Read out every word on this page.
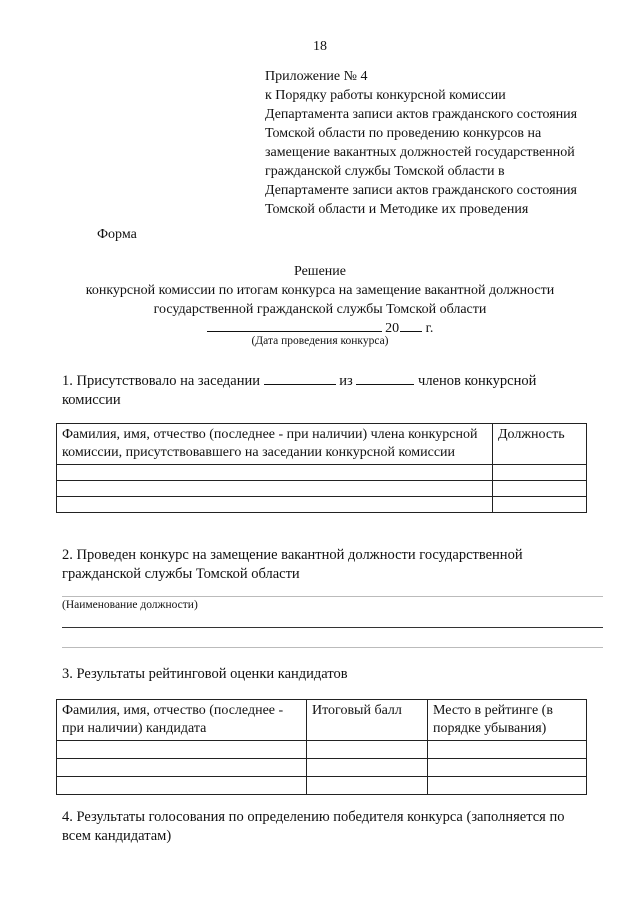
18
Приложение № 4
к Порядку работы конкурсной комиссии
Департамента записи актов гражданского состояния
Томской области по проведению конкурсов на
замещение вакантных должностей государственной
гражданской службы Томской области в
Департаменте записи актов гражданского состояния
Томской области и Методике их проведения
Форма
Решение
конкурсной комиссии по итогам конкурса на замещение вакантной должности
государственной гражданской службы Томской области
20 г.
(Дата проведения конкурса)
1. Присутствовало на заседании	из	членов конкурсной
комиссии
Фамилия, имя, отчество (последнее - при наличии) члена конкурсной комиссии, присутствовавшего на заседании конкурсной комиссии	Должность

2. Проведен конкурс на замещение вакантной должности государственной
гражданской службы Томской области
(Наименование должности)
3. Результаты рейтинговой оценки кандидатов
Фамилия, имя, отчество (последнее - при наличии) кандидата	Итоговый балл	Место в рейтинге (в порядке убывания)

4. Результаты голосования по определению победителя конкурса (заполняется по
всем кандидатам)
